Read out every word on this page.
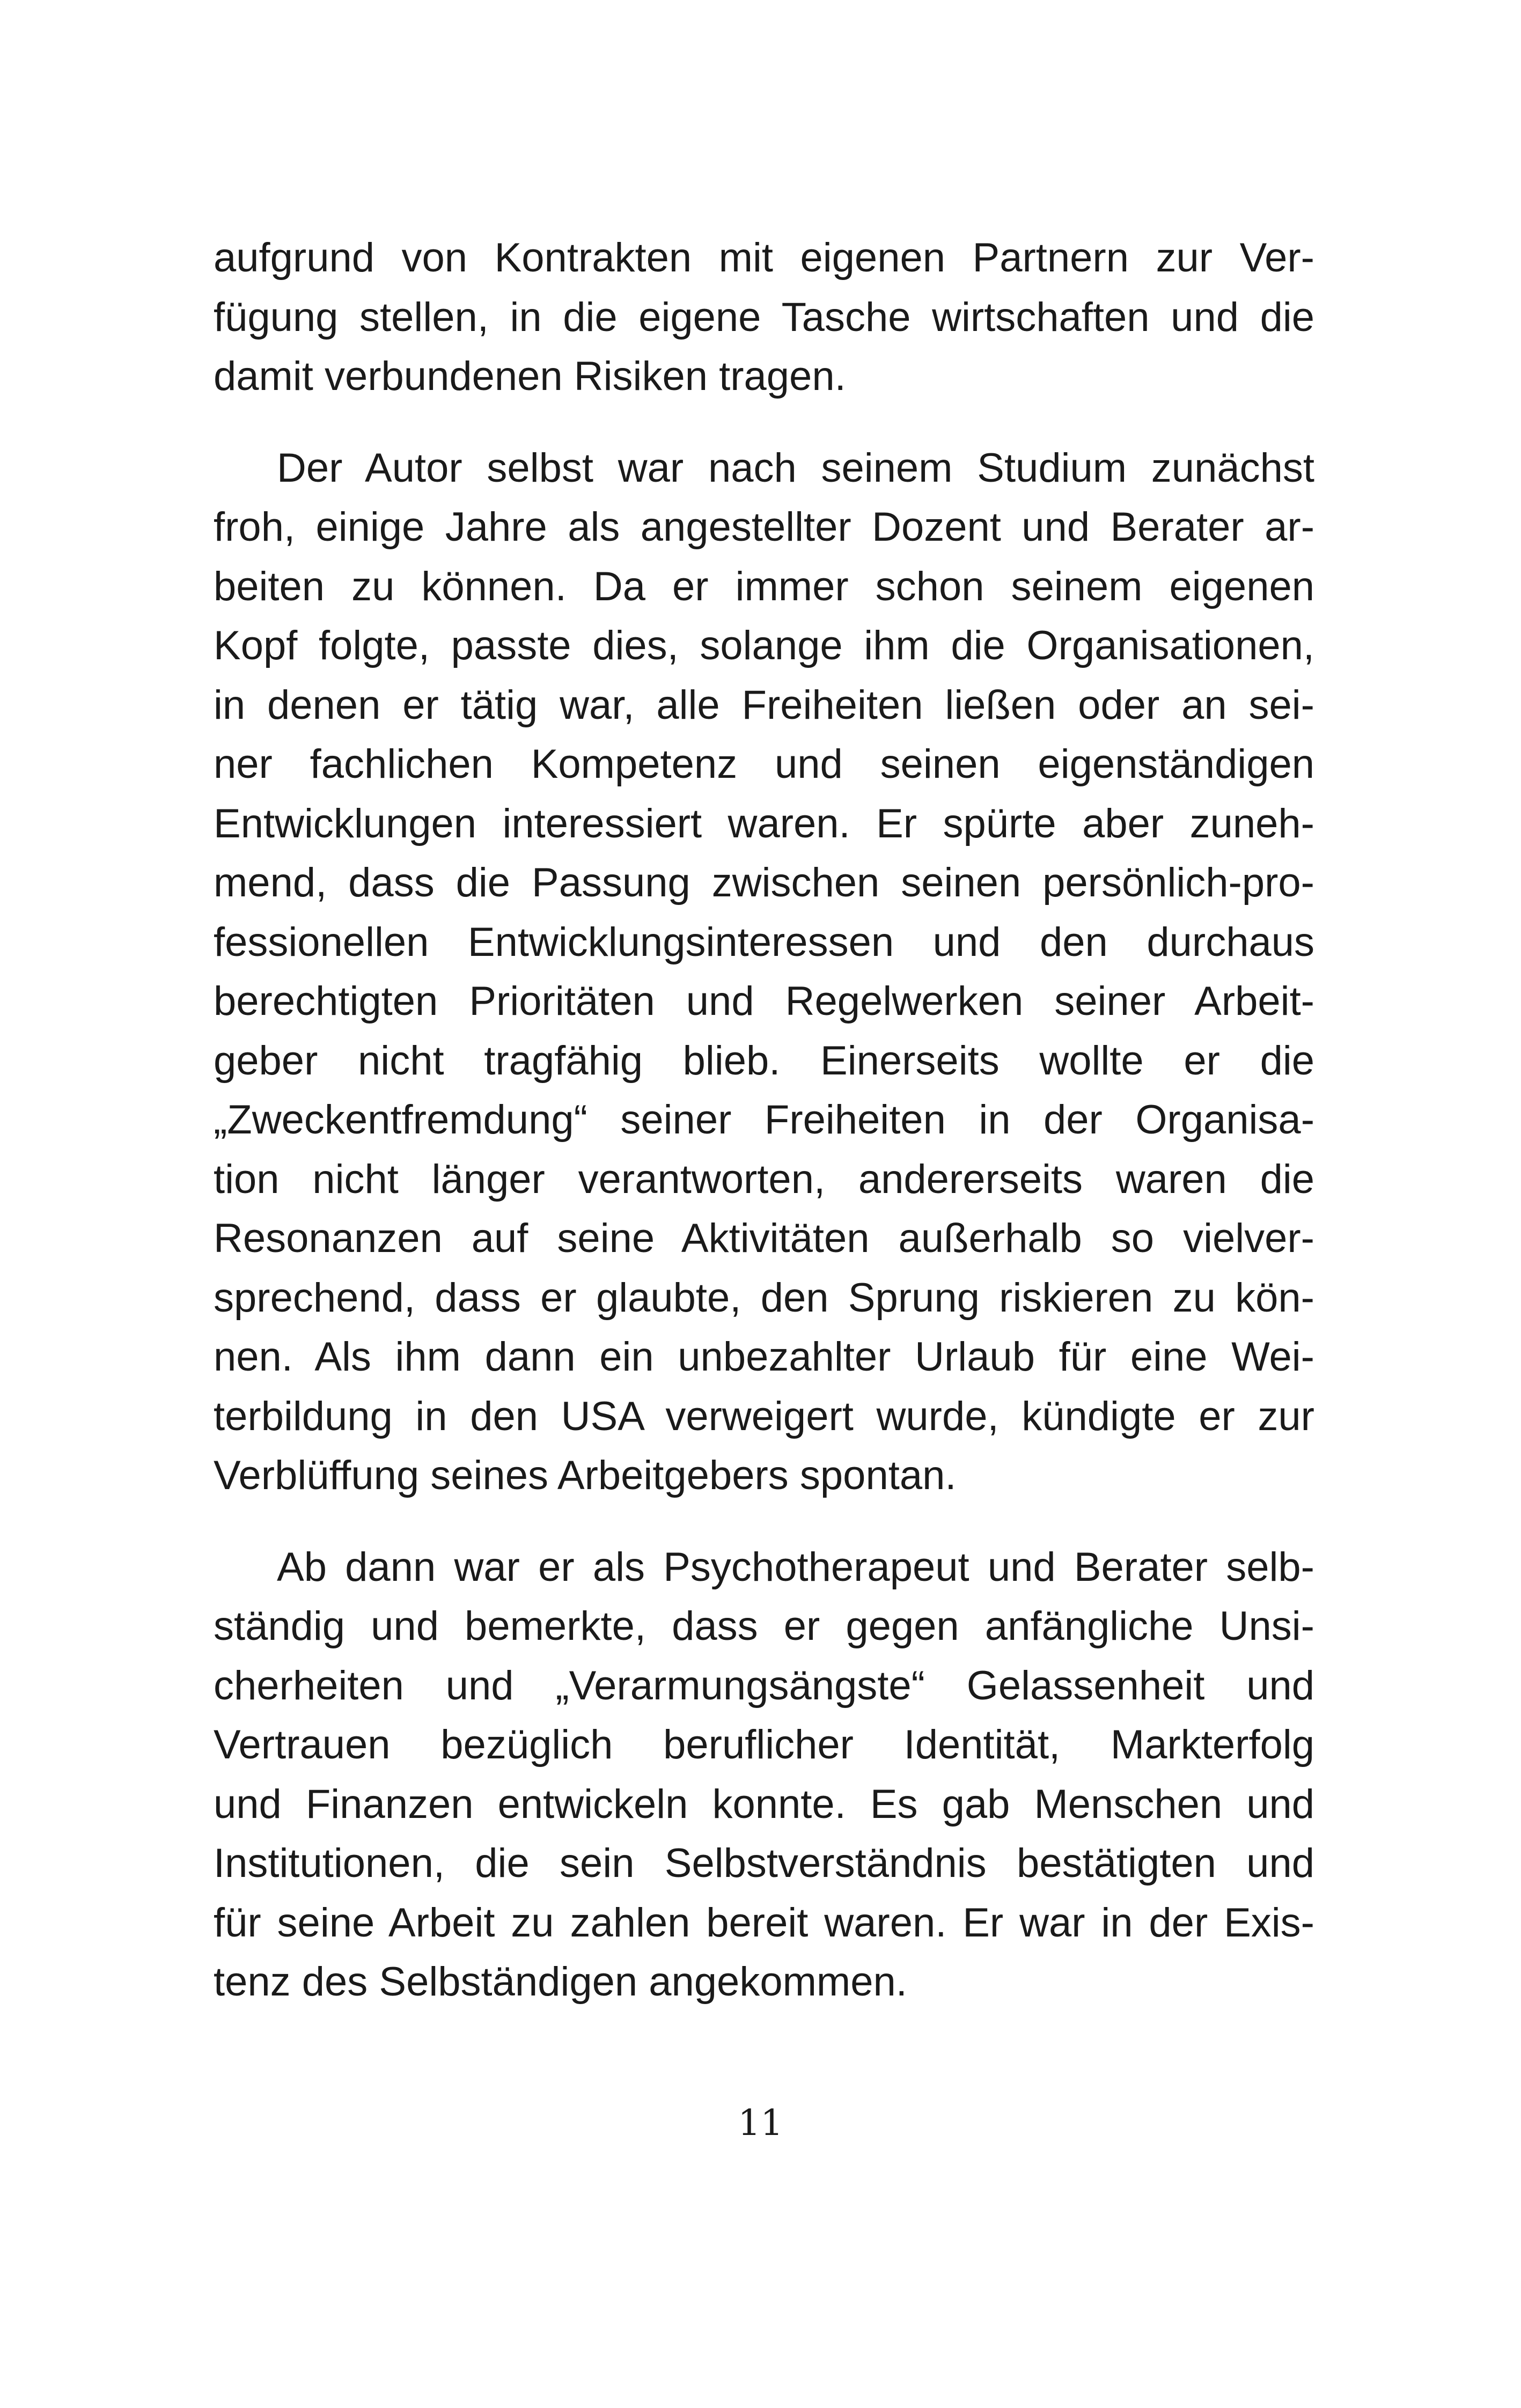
aufgrund von Kontrakten mit eigenen Partnern zur Ver-
fügung stellen, in die eigene Tasche wirtschaften und die
damit verbundenen Risiken tragen.

Der Autor selbst war nach seinem Studium zunächst
froh, einige Jahre als angestellter Dozent und Berater ar-
beiten zu können. Da er immer schon seinem eigenen
Kopf folgte, passte dies, solange ihm die Organisationen,
in denen er tätig war, alle Freiheiten ließen oder an sei-
ner fachlichen Kompetenz und seinen eigenständigen
Entwicklungen interessiert waren. Er spürte aber zuneh-
mend, dass die Passung zwischen seinen persönlich-pro-
fessionellen Entwicklungsinteressen und den durchaus
berechtigten Prioritäten und Regelwerken seiner Arbeit-
geber nicht tragfähig blieb. Einerseits wollte er die
„Zweckentfremdung“ seiner Freiheiten in der Organisa-
tion nicht länger verantworten, andererseits waren die
Resonanzen auf seine Aktivitäten außerhalb so vielver-
sprechend, dass er glaubte, den Sprung riskieren zu kön-
nen. Als ihm dann ein unbezahlter Urlaub für eine Wei-
terbildung in den USA verweigert wurde, kündigte er zur
Verblüffung seines Arbeitgebers spontan.

Ab dann war er als Psychotherapeut und Berater selb-
ständig und bemerkte, dass er gegen anfängliche Unsi-
cherheiten und „Verarmungsängste“ Gelassenheit und
Vertrauen bezüglich beruflicher Identität, Markterfolg
und Finanzen entwickeln konnte. Es gab Menschen und
Institutionen, die sein Selbstverständnis bestätigten und
für seine Arbeit zu zahlen bereit waren. Er war in der Exis-
tenz des Selbständigen angekommen.

11
